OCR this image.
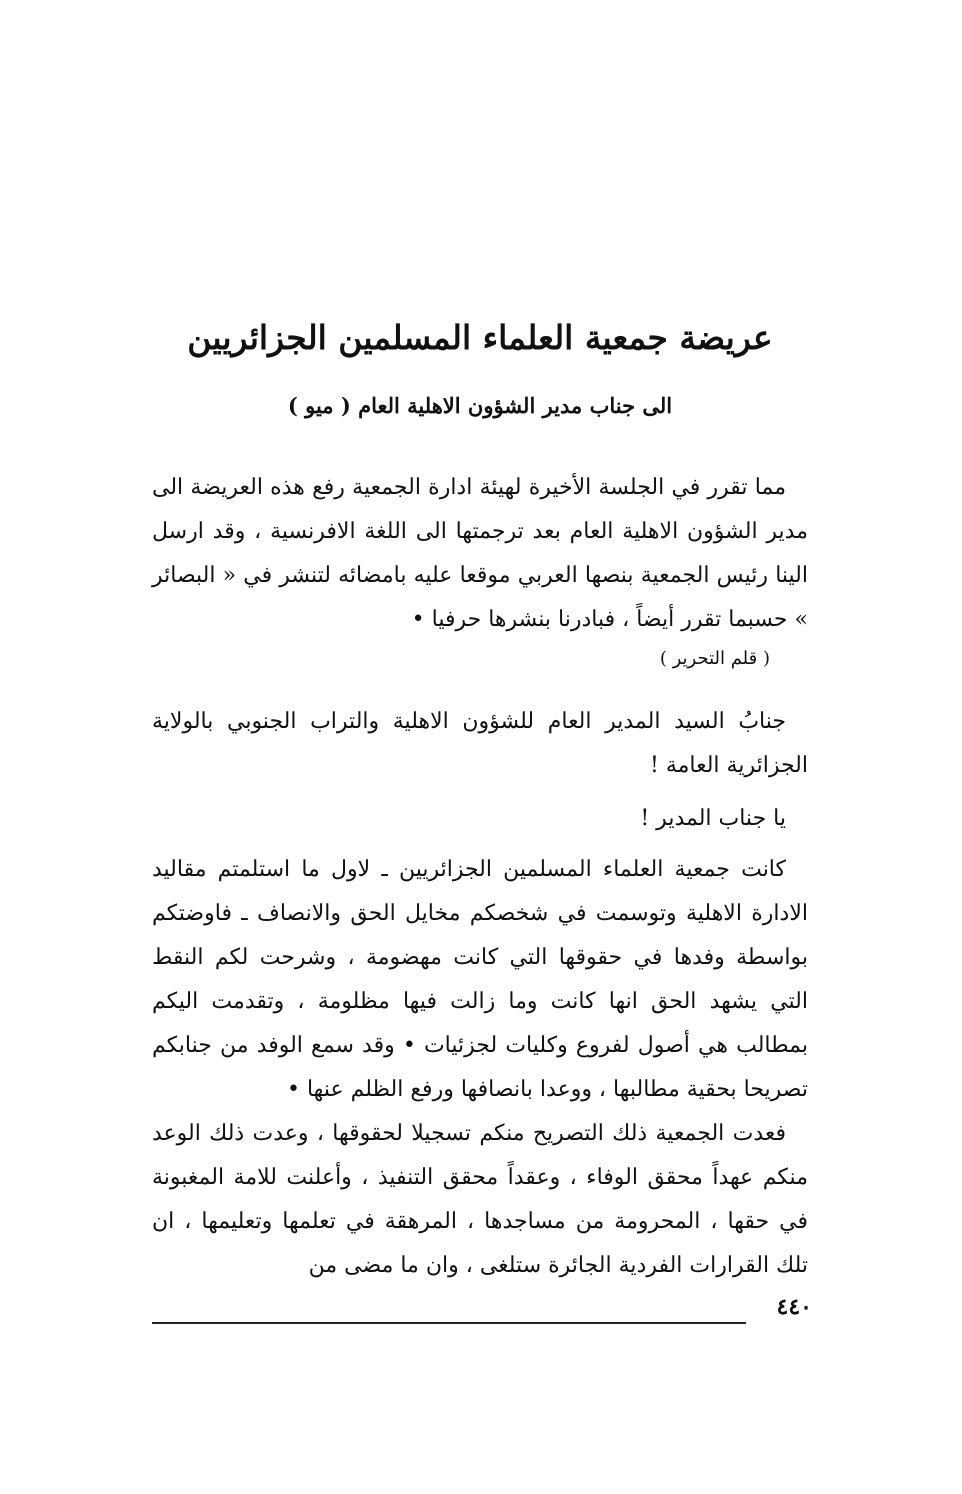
عريضة جمعية العلماء المسلمين الجزائريين
الى جناب مدير الشؤون الاهلية العام ( ميو )

مما تقرر في الجلسة الأخيرة لهيئة ادارة الجمعية رفع هذه العريضة الى مدير الشؤون الاهلية العام بعد ترجمتها الى اللغة الافرنسية ، وقد ارسل الينا رئيس الجمعية بنصها العربي موقعا عليه بامضائه لتنشر في « البصائر » حسبما تقرر أيضاً ، فبادرنا بنشرها حرفيا •

( قلم التحرير )

جنابُ السيد المدير العام للشؤون الاهلية والتراب الجنوبي بالولاية الجزائرية العامة !

يا جناب المدير !

كانت جمعية العلماء المسلمين الجزائريين ـ لاول ما استلمتم مقاليد الادارة الاهلية وتوسمت في شخصكم مخايل الحق والانصاف ـ فاوضتكم بواسطة وفدها في حقوقها التي كانت مهضومة ، وشرحت لكم النقط التي يشهد الحق انها كانت وما زالت فيها مظلومة ، وتقدمت اليكم بمطالب هي أصول لفروع وكليات لجزئيات • وقد سمع الوفد من جنابكم تصريحا بحقية مطالبها ، ووعدا بانصافها ورفع الظلم عنها •

فعدت الجمعية ذلك التصريح منكم تسجيلا لحقوقها ، وعدت ذلك الوعد منكم عهداً محقق الوفاء ، وعقداً محقق التنفيذ ، وأعلنت للامة المغبونة في حقها ، المحرومة من مساجدها ، المرهقة في تعلمها وتعليمها ، ان تلك القرارات الفردية الجائرة ستلغى ، وان ما مضى من

٤٤٠
